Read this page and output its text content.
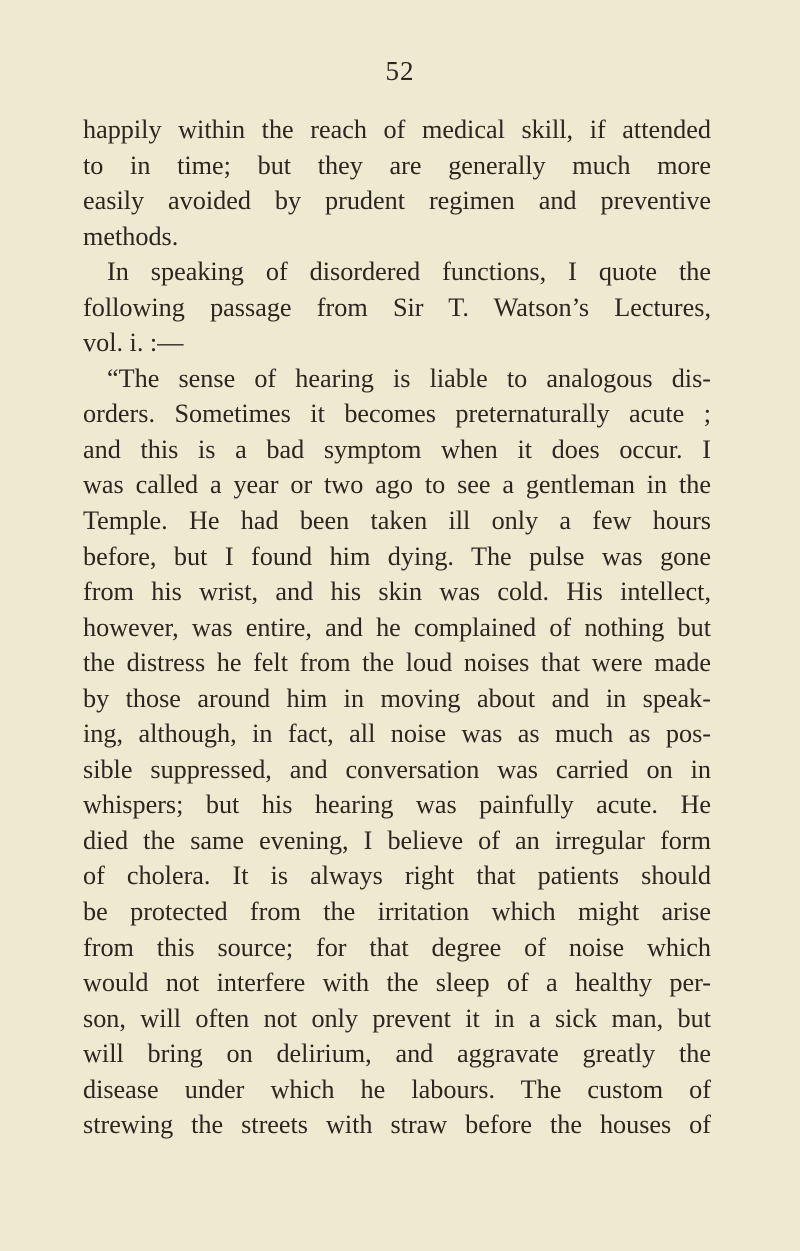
52
happily within the reach of medical skill, if attended
to in time; but they are generally much more
easily avoided by prudent regimen and preventive
methods.
In speaking of disordered functions, I quote the
following passage from Sir T. Watson’s Lectures,
vol. i. :—
“The sense of hearing is liable to analogous dis-
orders. Sometimes it becomes preternaturally acute ;
and this is a bad symptom when it does occur. I
was called a year or two ago to see a gentleman in the
Temple. He had been taken ill only a few hours
before, but I found him dying. The pulse was gone
from his wrist, and his skin was cold. His intellect,
however, was entire, and he complained of nothing but
the distress he felt from the loud noises that were made
by those around him in moving about and in speak-
ing, although, in fact, all noise was as much as pos-
sible suppressed, and conversation was carried on in
whispers; but his hearing was painfully acute. He
died the same evening, I believe of an irregular form
of cholera. It is always right that patients should
be protected from the irritation which might arise
from this source; for that degree of noise which
would not interfere with the sleep of a healthy per-
son, will often not only prevent it in a sick man, but
will bring on delirium, and aggravate greatly the
disease under which he labours. The custom of
strewing the streets with straw before the houses of
